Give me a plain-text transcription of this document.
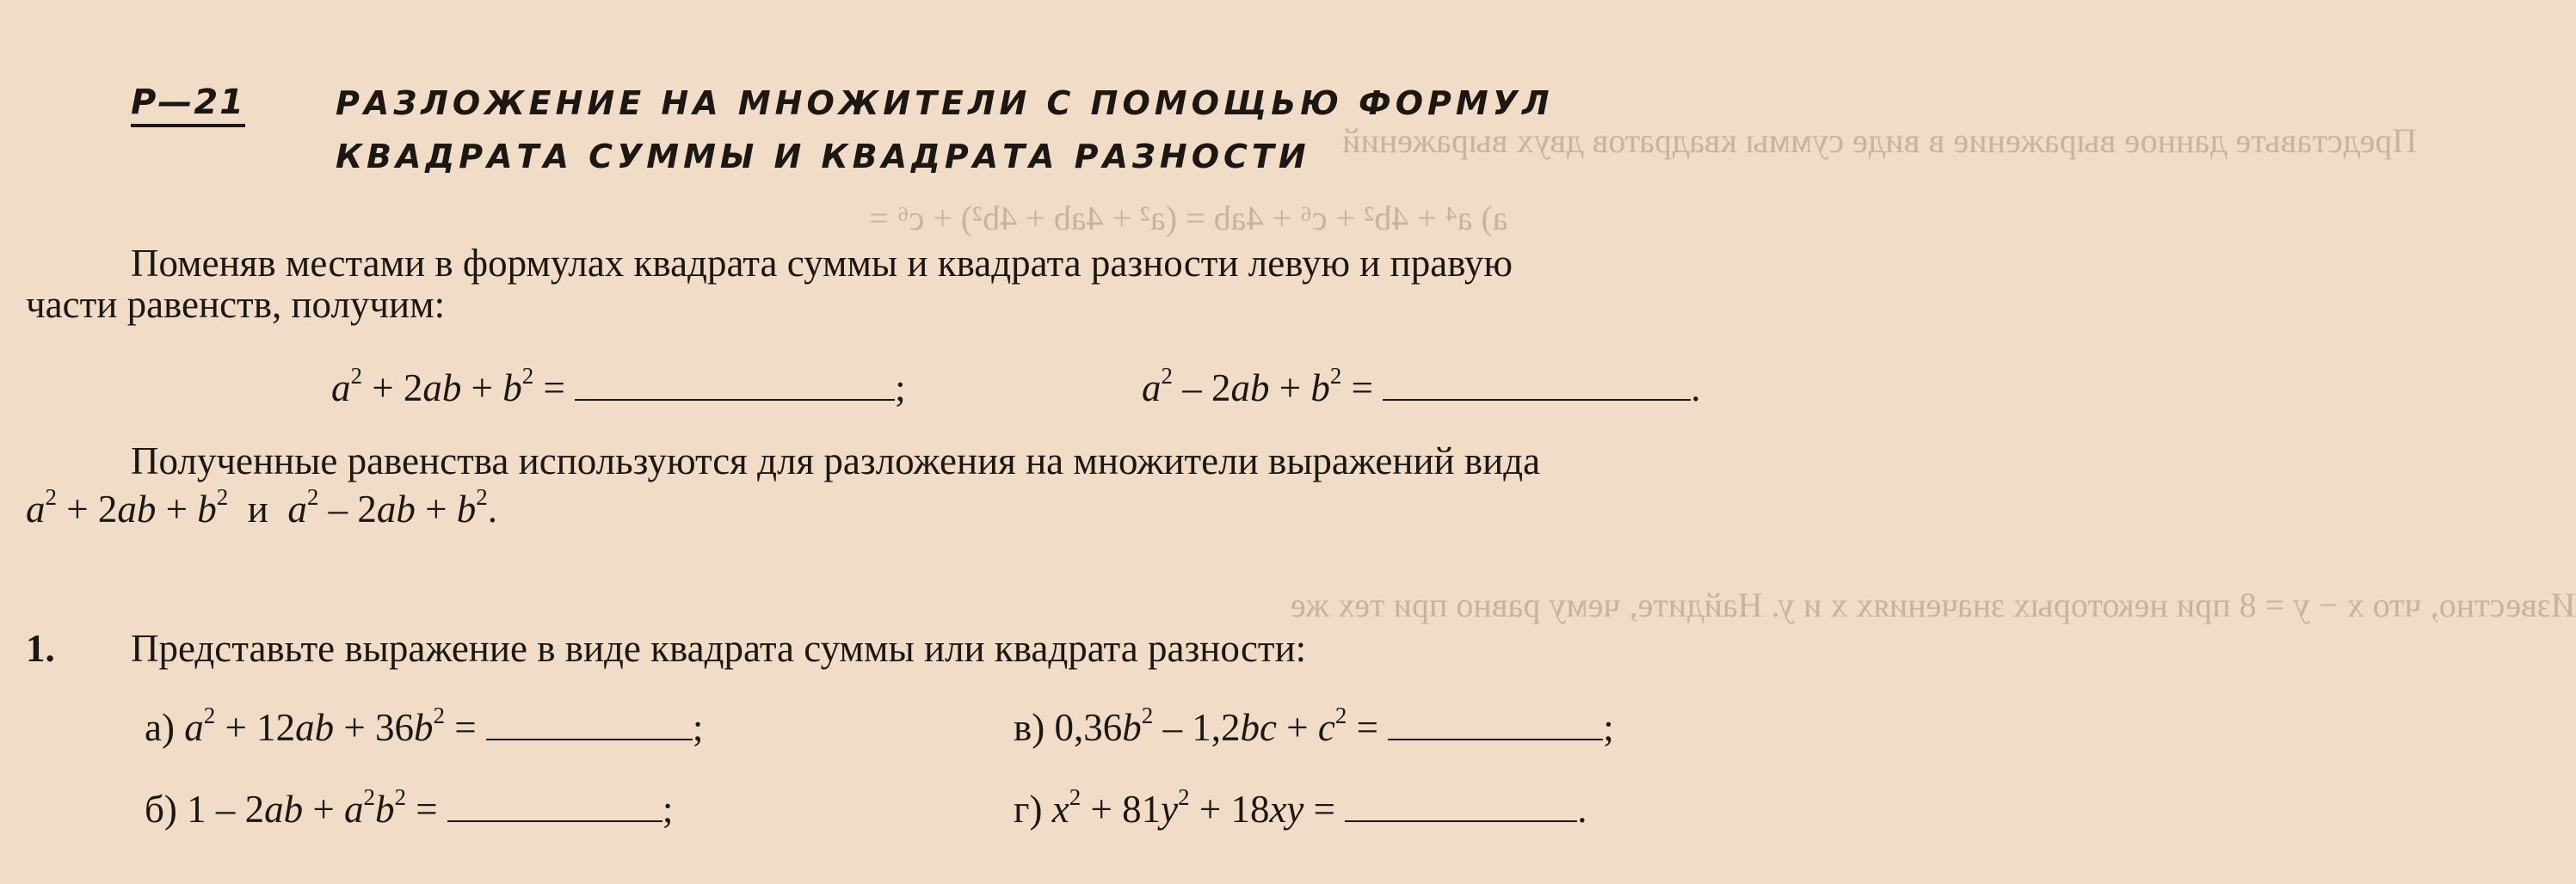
Представьте данное выражение в виде суммы квадратов двух выражений
а) a⁴ + 4b² + c⁶ + 4ab = (a² + 4ab + 4b²) + c⁶ =
Известно, что x − y = 8 при некоторых значениях x и y. Найдите, чему равно при тех же
Р—21	РАЗЛОЖЕНИЕ НА МНОЖИТЕЛИ С ПОМОЩЬЮ ФОРМУЛ
КВАДРАТА СУММЫ И КВАДРАТА РАЗНОСТИ
Поменяв местами в формулах квадрата суммы и квадрата разности левую и правую
части равенств, получим:
$a^2 + 2ab + b^2$ =	;	$a^2 - 2ab + b^2$ =	.
Полученные равенства используются для разложения на множители выражений вида
$a^2 + 2ab + b^2$ и $a^2 - 2ab + b^2$.
1. Представьте выражение в виде квадрата суммы или квадрата разности:
а) $a^2 + 12ab + 36b^2$ =	;	в) $0,36b^2 - 1,2bc + c^2$ =	;
б) $1 - 2ab + a^2b^2$ =	;	г) $x^2 + 81y^2 + 18xy$ =	.
